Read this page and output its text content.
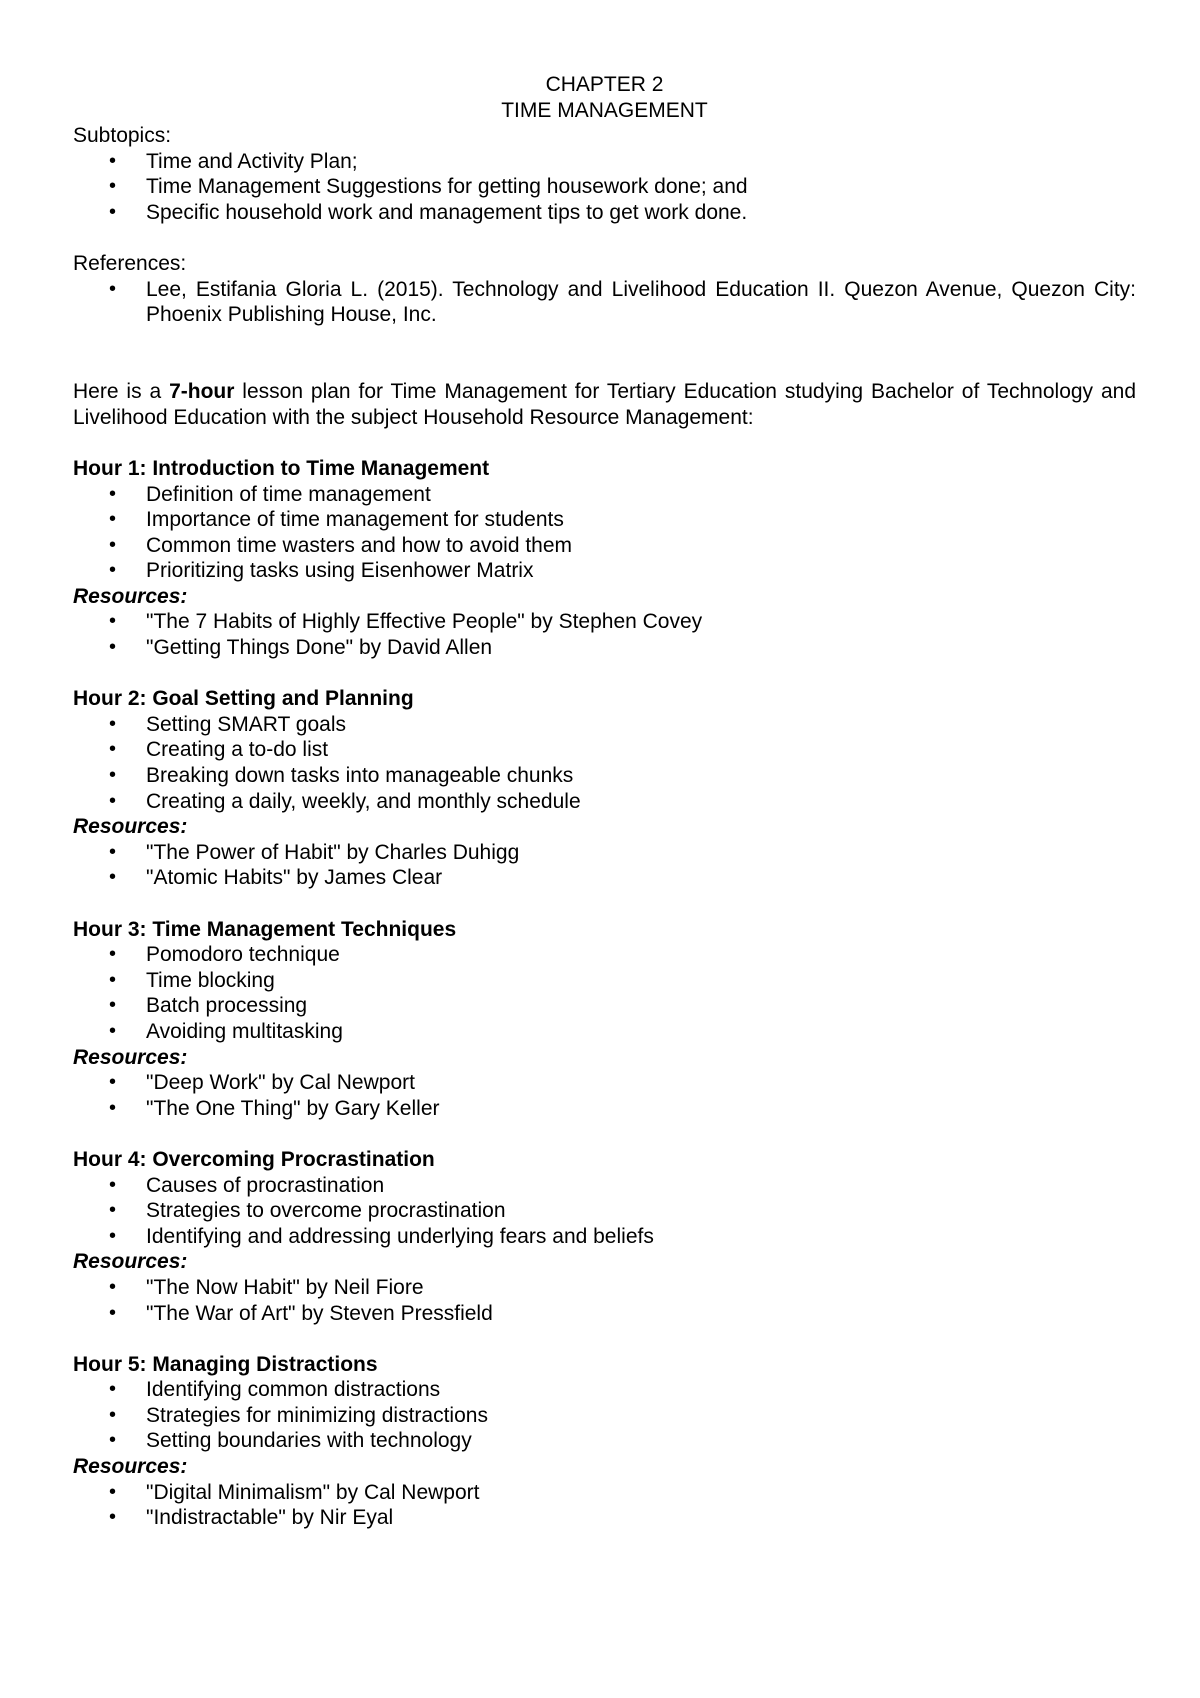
CHAPTER 2

TIME MANAGEMENT

Subtopics:

• Time and Activity Plan;
• Time Management Suggestions for getting housework done; and
• Specific household work and management tips to get work done.

References:

• Lee, Estifania Gloria L. (2015). Technology and Livelihood Education II. Quezon Avenue, Quezon City: Phoenix Publishing House, Inc.

Here is a 7-hour lesson plan for Time Management for Tertiary Education studying Bachelor of Technology and Livelihood Education with the subject Household Resource Management:

Hour 1: Introduction to Time Management

• Definition of time management
• Importance of time management for students
• Common time wasters and how to avoid them
• Prioritizing tasks using Eisenhower Matrix

Resources:

• "The 7 Habits of Highly Effective People" by Stephen Covey
• "Getting Things Done" by David Allen

Hour 2: Goal Setting and Planning

• Setting SMART goals
• Creating a to-do list
• Breaking down tasks into manageable chunks
• Creating a daily, weekly, and monthly schedule

Resources:

• "The Power of Habit" by Charles Duhigg
• "Atomic Habits" by James Clear

Hour 3: Time Management Techniques

• Pomodoro technique
• Time blocking
• Batch processing
• Avoiding multitasking

Resources:

• "Deep Work" by Cal Newport
• "The One Thing" by Gary Keller

Hour 4: Overcoming Procrastination

• Causes of procrastination
• Strategies to overcome procrastination
• Identifying and addressing underlying fears and beliefs

Resources:

• "The Now Habit" by Neil Fiore
• "The War of Art" by Steven Pressfield

Hour 5: Managing Distractions

• Identifying common distractions
• Strategies for minimizing distractions
• Setting boundaries with technology

Resources:

• "Digital Minimalism" by Cal Newport
• "Indistractable" by Nir Eyal
